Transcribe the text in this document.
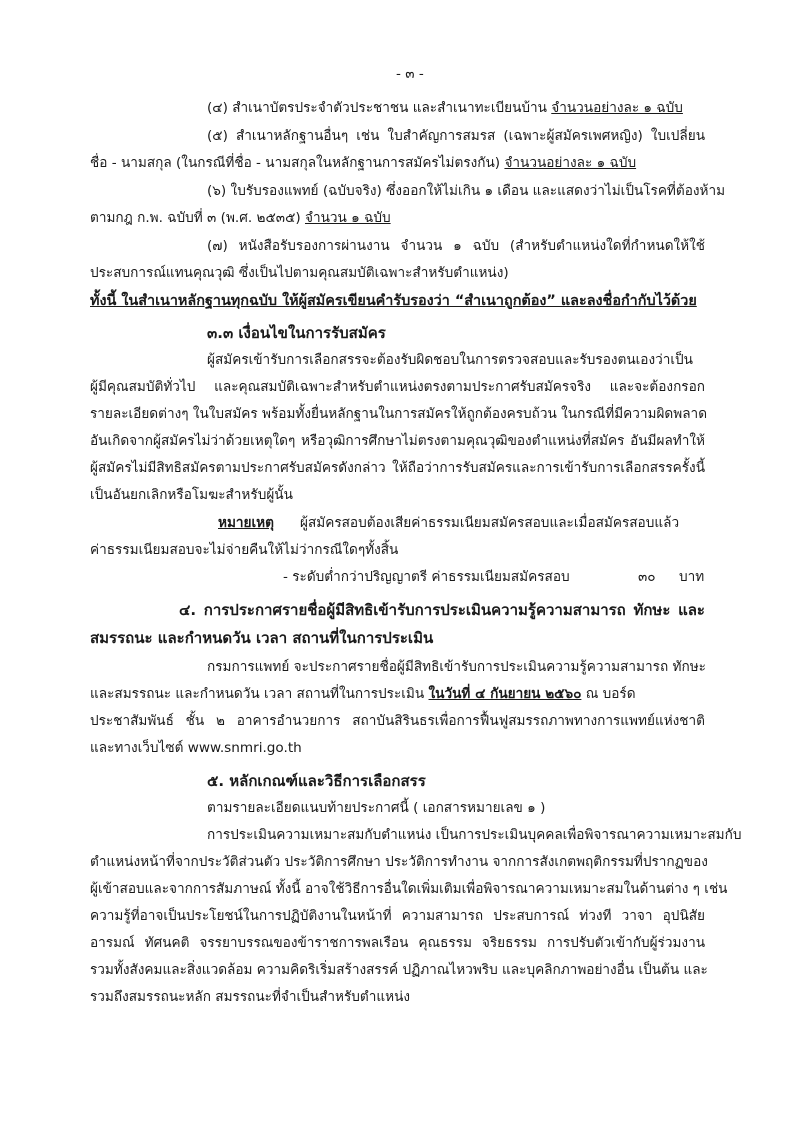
- ๓ -
(๔) สำเนาบัตรประจำตัวประชาชน และสำเนาทะเบียนบ้าน จำนวนอย่างละ ๑ ฉบับ
(๕) สำเนาหลักฐานอื่นๆ เช่น ใบสำคัญการสมรส (เฉพาะผู้สมัครเพศหญิง) ใบเปลี่ยน
ชื่อ - นามสกุล (ในกรณีที่ชื่อ - นามสกุลในหลักฐานการสมัครไม่ตรงกัน) จำนวนอย่างละ ๑ ฉบับ
(๖) ใบรับรองแพทย์ (ฉบับจริง) ซึ่งออกให้ไม่เกิน ๑ เดือน และแสดงว่าไม่เป็นโรคที่ต้องห้าม
ตามกฎ ก.พ. ฉบับที่ ๓ (พ.ศ. ๒๕๓๕) จำนวน ๑ ฉบับ
(๗) หนังสือรับรองการผ่านงาน จำนวน ๑ ฉบับ (สำหรับตำแหน่งใดที่กำหนดให้ใช้
ประสบการณ์แทนคุณวุฒิ ซึ่งเป็นไปตามคุณสมบัติเฉพาะสำหรับตำแหน่ง)
ทั้งนี้ ในสำเนาหลักฐานทุกฉบับ ให้ผู้สมัครเขียนคำรับรองว่า “สำเนาถูกต้อง” และลงชื่อกำกับไว้ด้วย
๓.๓ เงื่อนไขในการรับสมัคร
ผู้สมัครเข้ารับการเลือกสรรจะต้องรับผิดชอบในการตรวจสอบและรับรองตนเองว่าเป็น
ผู้มีคุณสมบัติทั่วไป และคุณสมบัติเฉพาะสำหรับตำแหน่งตรงตามประกาศรับสมัครจริง และจะต้องกรอก
รายละเอียดต่างๆ ในใบสมัคร พร้อมทั้งยื่นหลักฐานในการสมัครให้ถูกต้องครบถ้วน ในกรณีที่มีความผิดพลาด
อันเกิดจากผู้สมัครไม่ว่าด้วยเหตุใดๆ หรือวุฒิการศึกษาไม่ตรงตามคุณวุฒิของตำแหน่งที่สมัคร อันมีผลทำให้
ผู้สมัครไม่มีสิทธิสมัครตามประกาศรับสมัครดังกล่าว ให้ถือว่าการรับสมัครและการเข้ารับการเลือกสรรครั้งนี้
เป็นอันยกเลิกหรือโมฆะสำหรับผู้นั้น
หมายเหตุ ผู้สมัครสอบต้องเสียค่าธรรมเนียมสมัครสอบและเมื่อสมัครสอบแล้ว
ค่าธรรมเนียมสอบจะไม่จ่ายคืนให้ไม่ว่ากรณีใดๆทั้งสิ้น
- ระดับต่ำกว่าปริญญาตรี ค่าธรรมเนียมสมัครสอบ	๓๐ บาท
๔. การประกาศรายชื่อผู้มีสิทธิเข้ารับการประเมินความรู้ความสามารถ ทักษะ และ
สมรรถนะ และกำหนดวัน เวลา สถานที่ในการประเมิน
กรมการแพทย์ จะประกาศรายชื่อผู้มีสิทธิเข้ารับการประเมินความรู้ความสามารถ ทักษะ
และสมรรถนะ และกำหนดวัน เวลา สถานที่ในการประเมิน ในวันที่ ๔ กันยายน ๒๕๖๐ ณ บอร์ด
ประชาสัมพันธ์ ชั้น ๒ อาคารอำนวยการ สถาบันสิรินธรเพื่อการฟื้นฟูสมรรถภาพทางการแพทย์แห่งชาติ
และทางเว็บไซต์ www.snmri.go.th
๕. หลักเกณฑ์และวิธีการเลือกสรร
ตามรายละเอียดแนบท้ายประกาศนี้ ( เอกสารหมายเลข ๑ )
การประเมินความเหมาะสมกับตำแหน่ง เป็นการประเมินบุคคลเพื่อพิจารณาความเหมาะสมกับ
ตำแหน่งหน้าที่จากประวัติส่วนตัว ประวัติการศึกษา ประวัติการทำงาน จากการสังเกตพฤติกรรมที่ปรากฏของ
ผู้เข้าสอบและจากการสัมภาษณ์ ทั้งนี้ อาจใช้วิธีการอื่นใดเพิ่มเติมเพื่อพิจารณาความเหมาะสมในด้านต่าง ๆ เช่น
ความรู้ที่อาจเป็นประโยชน์ในการปฏิบัติงานในหน้าที่ ความสามารถ ประสบการณ์ ท่วงที วาจา อุปนิสัย
อารมณ์ ทัศนคติ จรรยาบรรณของข้าราชการพลเรือน คุณธรรม จริยธรรม การปรับตัวเข้ากับผู้ร่วมงาน
รวมทั้งสังคมและสิ่งแวดล้อม ความคิดริเริ่มสร้างสรรค์ ปฏิภาณไหวพริบ และบุคลิกภาพอย่างอื่น เป็นต้น และ
รวมถึงสมรรถนะหลัก สมรรถนะที่จำเป็นสำหรับตำแหน่ง
